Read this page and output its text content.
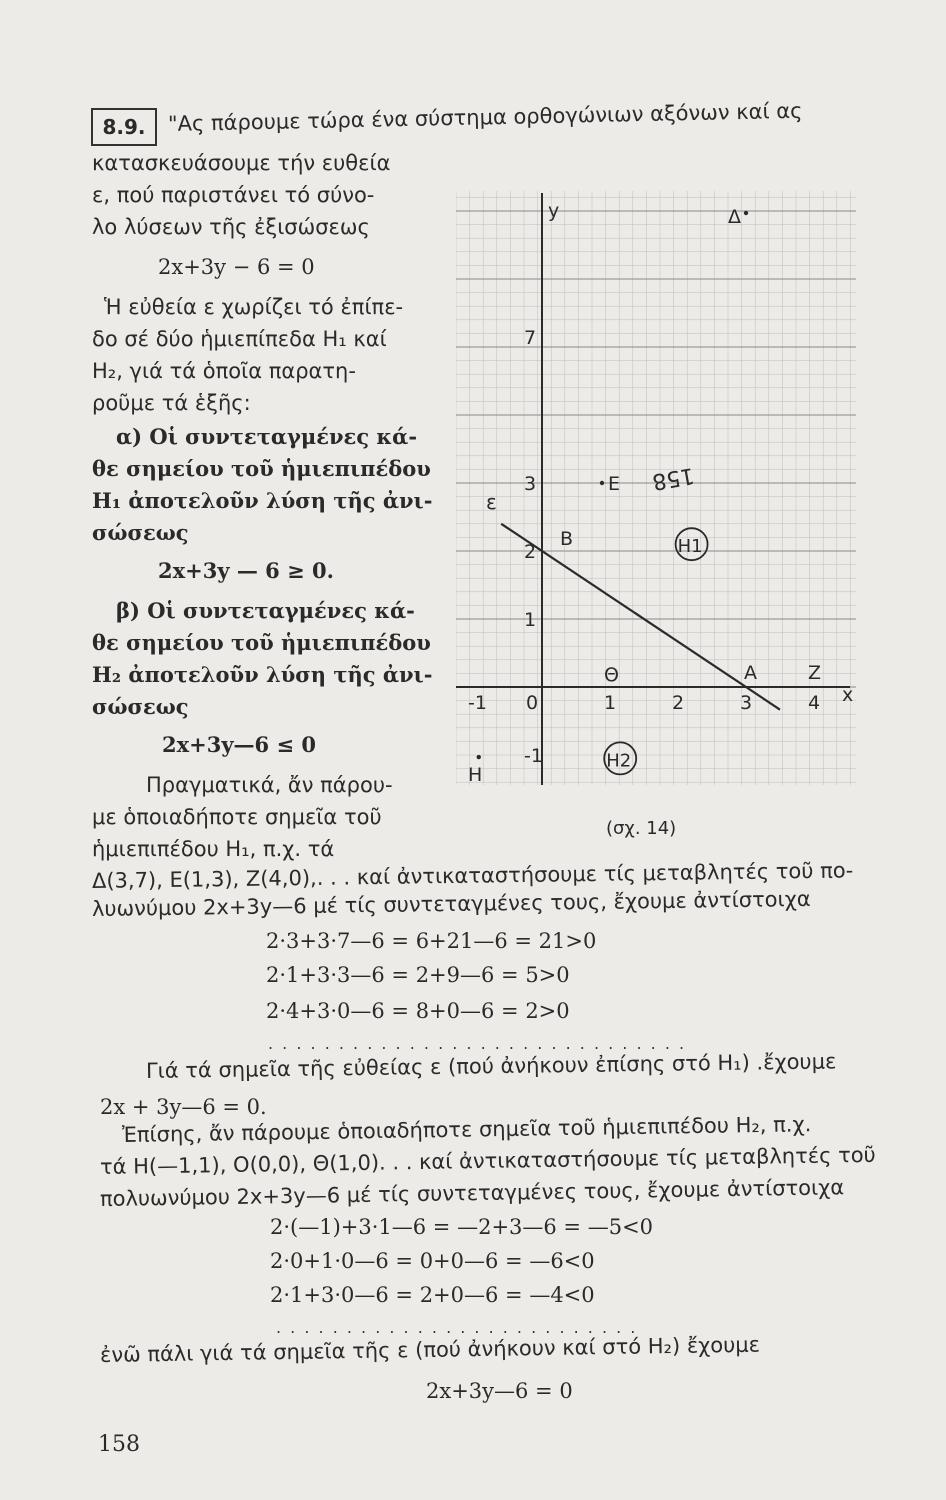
8.9.	"Ας πάρουμε τώρα ένα σύστημα ορθογώνιων αξόνων καί ας
κατασκευάσουμε τήν ευθεία
ε, πού παριστάνει τό σύνο-
λο λύσεων τῆς ἐξισώσεως
2x+3y − 6 = 0
Ἡ εὐθεία ε χωρίζει τό ἐπίπε-
δο σέ δύο ἡμιεπίπεδα H₁ καί
H₂, γιά τά ὁποῖα παρατη-
ροῦμε τά ἑξῆς:
α) Οἱ συντεταγμένες κά-
θε σημείου τοῦ ἡμιεπιπέδου
H₁ ἀποτελοῦν λύση τῆς ἀνι-
σώσεως
2x+3y — 6 ≥ 0.
β) Οἱ συντεταγμένες κά-
θε σημείου τοῦ ἡμιεπιπέδου
H₂ ἀποτελοῦν λύση τῆς ἀνι-
σώσεως
2x+3y—6 ≤ 0
Πραγματικά, ἄν πάρου-
με ὁποιαδήποτε σημεῖα τοῦ
ἡμιεπιπέδου H₁, π.χ. τά
x
y
-1 0	1	2	3	4
-1
1
2
3
7
Δ
E
B
A	Z
Θ
H
ε
H1
H2
158
(σχ. 14)
Δ(3,7), E(1,3), Z(4,0),. . . καί ἀντικαταστήσουμε τίς μεταβλητές τοῦ πο-
λυωνύμου 2x+3y—6 μέ τίς συντεταγμένες τους, ἔχουμε ἀντίστοιχα
2·3+3·7—6 = 6+21—6 = 21>0
2·1+3·3—6 = 2+9—6 = 5>0
2·4+3·0—6 = 8+0—6 = 2>0
. . . . . . . . . . . . . . . . . . . . . . . . . . . . . .
Γιά τά σημεῖα τῆς εὐθείας ε (πού ἀνήκουν ἐπίσης στό H₁) .ἔχουμε
2x + 3y—6 = 0.
Ἐπίσης, ἄν πάρουμε ὁποιαδήποτε σημεῖα τοῦ ἡμιεπιπέδου H₂, π.χ.
τά H(—1,1), O(0,0), Θ(1,0). . . καί ἀντικαταστήσουμε τίς μεταβλητές τοῦ
πολυωνύμου 2x+3y—6 μέ τίς συντεταγμένες τους, ἔχουμε ἀντίστοιχα
2·(—1)+3·1—6 = —2+3—6 = —5<0
2·0+1·0—6 = 0+0—6 = —6<0
2·1+3·0—6 = 2+0—6 = —4<0
. . . . . . . . . . . . . . . . . . . . . . . . . .
ἐνῶ πάλι γιά τά σημεῖα τῆς ε (πού ἀνήκουν καί στό H₂) ἔχουμε
2x+3y—6 = 0
158
